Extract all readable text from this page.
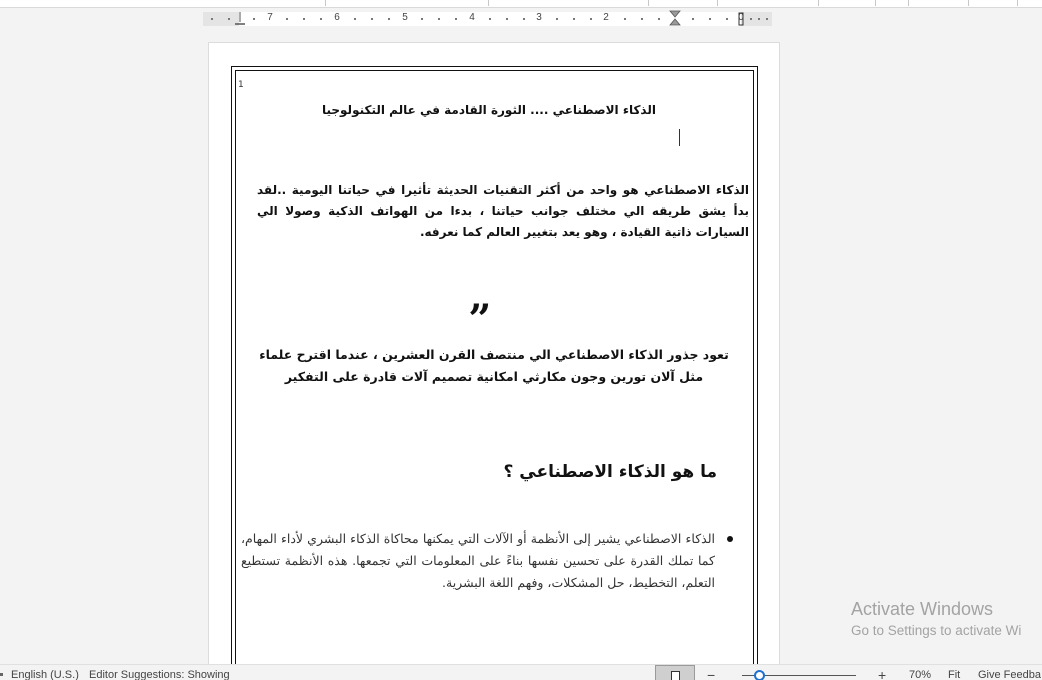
7	6	5	4	3	2	0
1
الذكاء الاصطناعي .... الثورة القادمة في عالم التكنولوجيا

الذكاء الاصطناعي هو واحد من أكثر التقنيات الحديثة تأثيرا في حياتنا اليومية ..لقد بدأ يشق طريقه الي مختلف جوانب حياتنا ، بدءا من الهواتف الذكية وصولا الي السيارات ذاتية القيادة ، وهو يعد بتغيير العالم كما نعرفه.

„

تعود جذور الذكاء الاصطناعي الي منتصف القرن العشرين ، عندما اقترح علماء مثل آلان تورين وجون مكارثي امكانية تصميم آلات قادرة على التفكير

ما هو الذكاء الاصطناعي ؟
الذكاء الاصطناعي يشير إلى الأنظمة أو الآلات التي يمكنها محاكاة الذكاء البشري لأداء المهام، كما تملك القدرة على تحسين نفسها بناءً على المعلومات التي تجمعها. هذه الأنظمة تستطيع التعلم، التخطيط، حل المشكلات، وفهم اللغة البشرية.
Activate Windows
Go to Settings to activate Wi
English (U.S.) Editor Suggestions: Showing	−	+ 70% Fit Give Feedba
